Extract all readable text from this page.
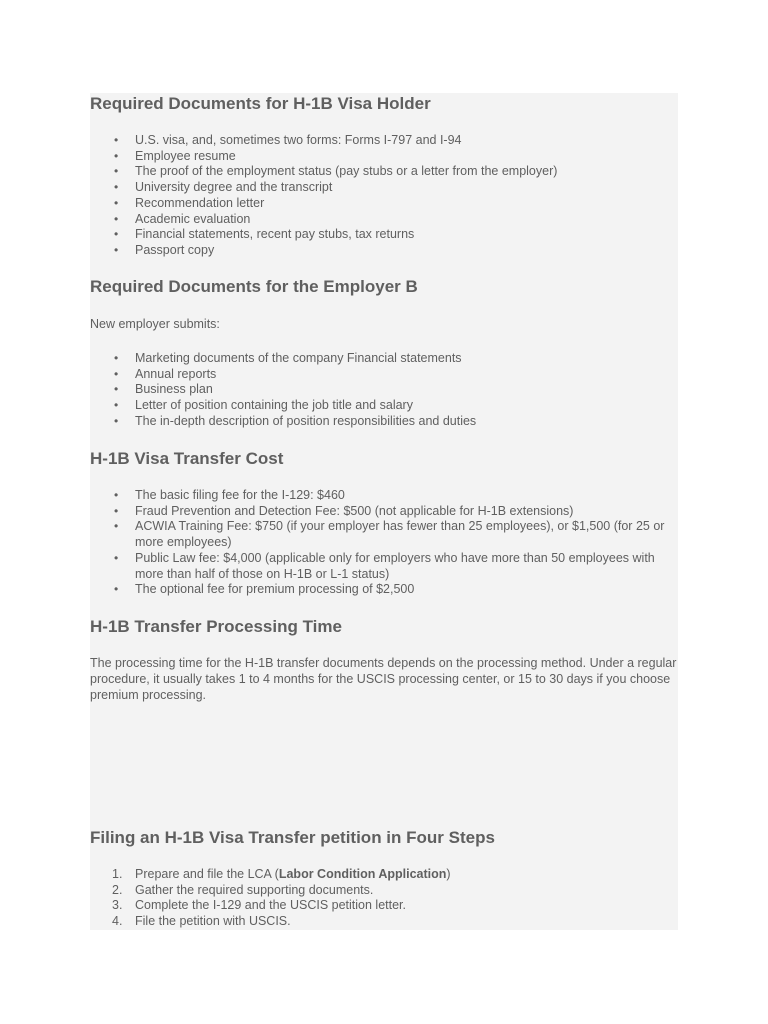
Required Documents for H-1B Visa Holder
• U.S. visa, and, sometimes two forms: Forms I-797 and I-94
• Employee resume
• The proof of the employment status (pay stubs or a letter from the employer)
• University degree and the transcript
• Recommendation letter
• Academic evaluation
• Financial statements, recent pay stubs, tax returns
• Passport copy
Required Documents for the Employer B

New employer submits:

• Marketing documents of the company Financial statements
• Annual reports
• Business plan
• Letter of position containing the job title and salary
• The in-depth description of position responsibilities and duties
H-1B Visa Transfer Cost
• The basic filing fee for the I-129: $460
• Fraud Prevention and Detection Fee: $500 (not applicable for H-1B extensions)
• ACWIA Training Fee: $750 (if your employer has fewer than 25 employees), or $1,500 (for 25 or more employees)
• Public Law fee: $4,000 (applicable only for employers who have more than 50 employees with more than half of those on H-1B or L-1 status)
• The optional fee for premium processing of $2,500
H-1B Transfer Processing Time

The processing time for the H-1B transfer documents depends on the processing method. Under a regular procedure, it usually takes 1 to 4 months for the USCIS processing center, or 15 to 30 days if you choose premium processing.

Filing an H-1B Visa Transfer petition in Four Steps
1. Prepare and file the LCA (Labor Condition Application)
2. Gather the required supporting documents.
3. Complete the I-129 and the USCIS petition letter.
4. File the petition with USCIS.
